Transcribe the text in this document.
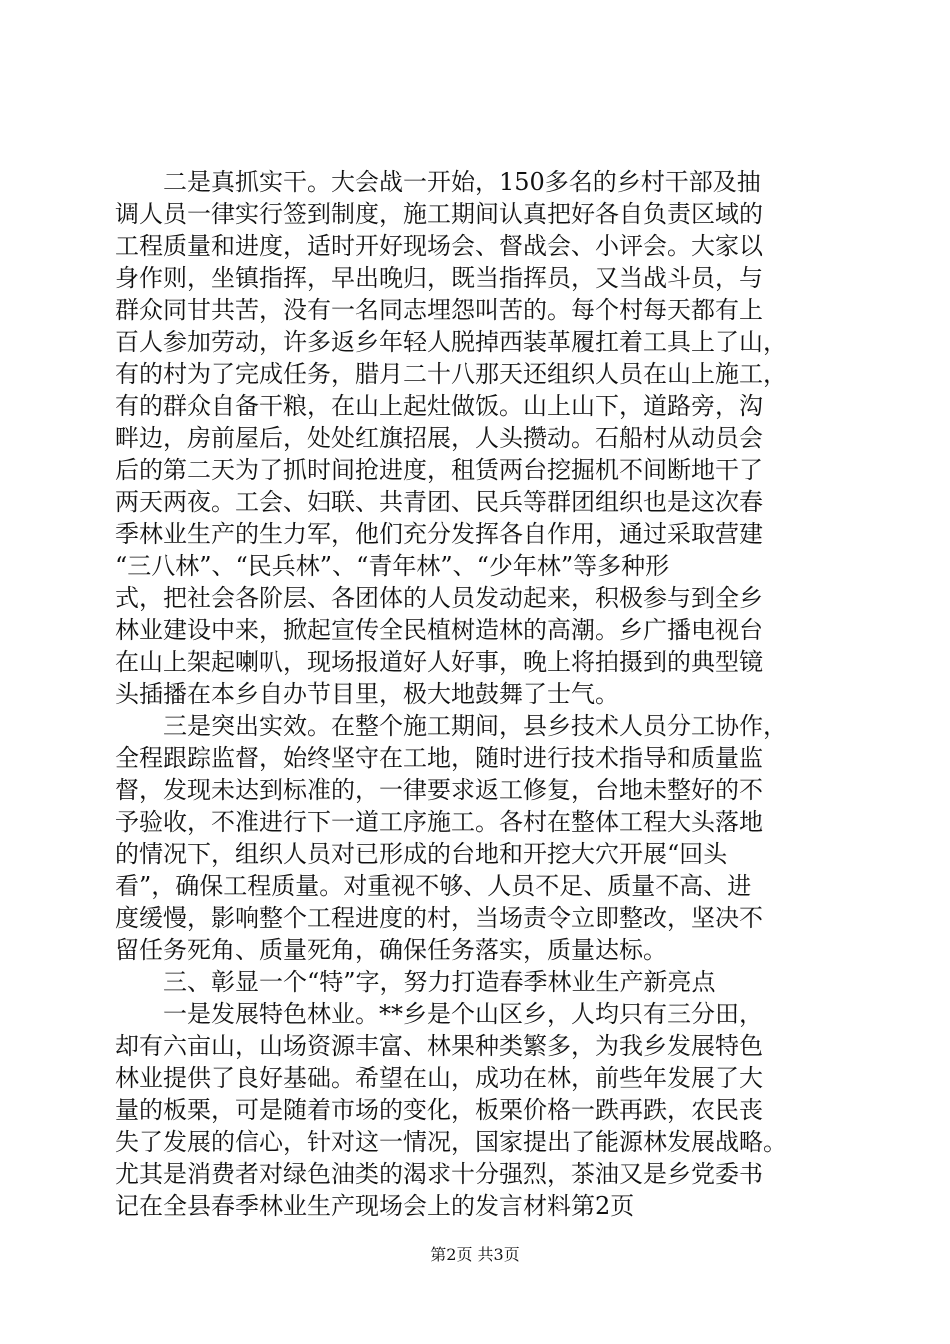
二是真抓实干。大会战一开始，150多名的乡村干部及抽
调人员一律实行签到制度，施工期间认真把好各自负责区域的
工程质量和进度，适时开好现场会、督战会、小评会。大家以
身作则，坐镇指挥，早出晚归，既当指挥员，又当战斗员，与
群众同甘共苦，没有一名同志埋怨叫苦的。每个村每天都有上
百人参加劳动，许多返乡年轻人脱掉西装革履扛着工具上了山，
有的村为了完成任务，腊月二十八那天还组织人员在山上施工，
有的群众自备干粮，在山上起灶做饭。山上山下，道路旁，沟
畔边，房前屋后，处处红旗招展，人头攒动。石船村从动员会
后的第二天为了抓时间抢进度，租赁两台挖掘机不间断地干了
两天两夜。工会、妇联、共青团、民兵等群团组织也是这次春
季林业生产的生力军，他们充分发挥各自作用，通过采取营建
“三八林”、“民兵林”、“青年林”、“少年林”等多种形
式，把社会各阶层、各团体的人员发动起来，积极参与到全乡
林业建设中来，掀起宣传全民植树造林的高潮。乡广播电视台
在山上架起喇叭，现场报道好人好事，晚上将拍摄到的典型镜
头插播在本乡自办节目里，极大地鼓舞了士气。
三是突出实效。在整个施工期间，县乡技术人员分工协作，
全程跟踪监督，始终坚守在工地，随时进行技术指导和质量监
督，发现未达到标准的，一律要求返工修复，台地未整好的不
予验收，不准进行下一道工序施工。各村在整体工程大头落地
的情况下，组织人员对已形成的台地和开挖大穴开展“回头
看”，确保工程质量。对重视不够、人员不足、质量不高、进
度缓慢，影响整个工程进度的村，当场责令立即整改，坚决不
留任务死角、质量死角，确保任务落实，质量达标。
三、彰显一个“特”字，努力打造春季林业生产新亮点
一是发展特色林业。**乡是个山区乡，人均只有三分田，
却有六亩山，山场资源丰富、林果种类繁多，为我乡发展特色
林业提供了良好基础。希望在山，成功在林，前些年发展了大
量的板栗，可是随着市场的变化，板栗价格一跌再跌，农民丧
失了发展的信心，针对这一情况，国家提出了能源林发展战略。
尤其是消费者对绿色油类的渴求十分强烈，茶油又是乡党委书
记在全县春季林业生产现场会上的发言材料第2页
第2页 共3页
